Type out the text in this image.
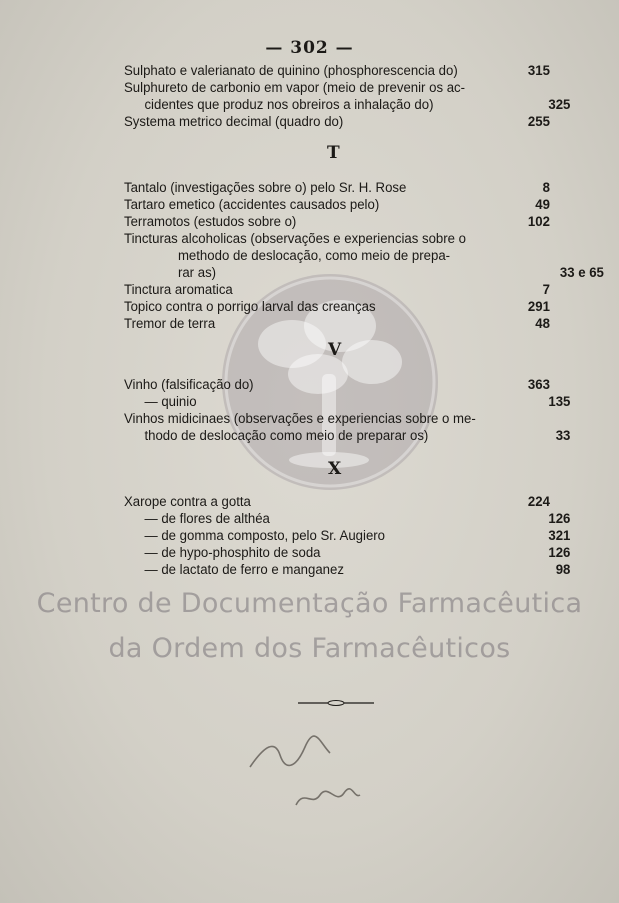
— 302 —
Sulphato e valerianato de quinino (phosphorescencia do)	315
Sulphureto de carbonio em vapor (meio de prevenir os ac-
cidentes que produz nos obreiros a inhalação do)	325
Systema metrico decimal (quadro do)	255
T
Tantalo (investigações sobre o) pelo Sr. H. Rose	8
Tartaro emetico (accidentes causados pelo)	49
Terramotos (estudos sobre o)	102
Tincturas alcoholicas (observações e experiencias sobre o
methodo de deslocação, como meio de prepa-
rar as)	33 e 65
Tinctura aromatica	7
Topico contra o porrigo larval das creanças	291
Tremor de terra	48
V
Vinho (falsificação do)	363
— quinio	135
Vinhos midicinaes (observações e experiencias sobre o me-
thodo de deslocação como meio de preparar os)	33
X
Xarope contra a gotta	224
— de flores de althéa	126
— de gomma composto, pelo Sr. Augiero	321
— de hypo-phosphito de soda	126
— de lactato de ferro e manganez	98
Centro de Documentação Farmacêutica
da Ordem dos Farmacêuticos
